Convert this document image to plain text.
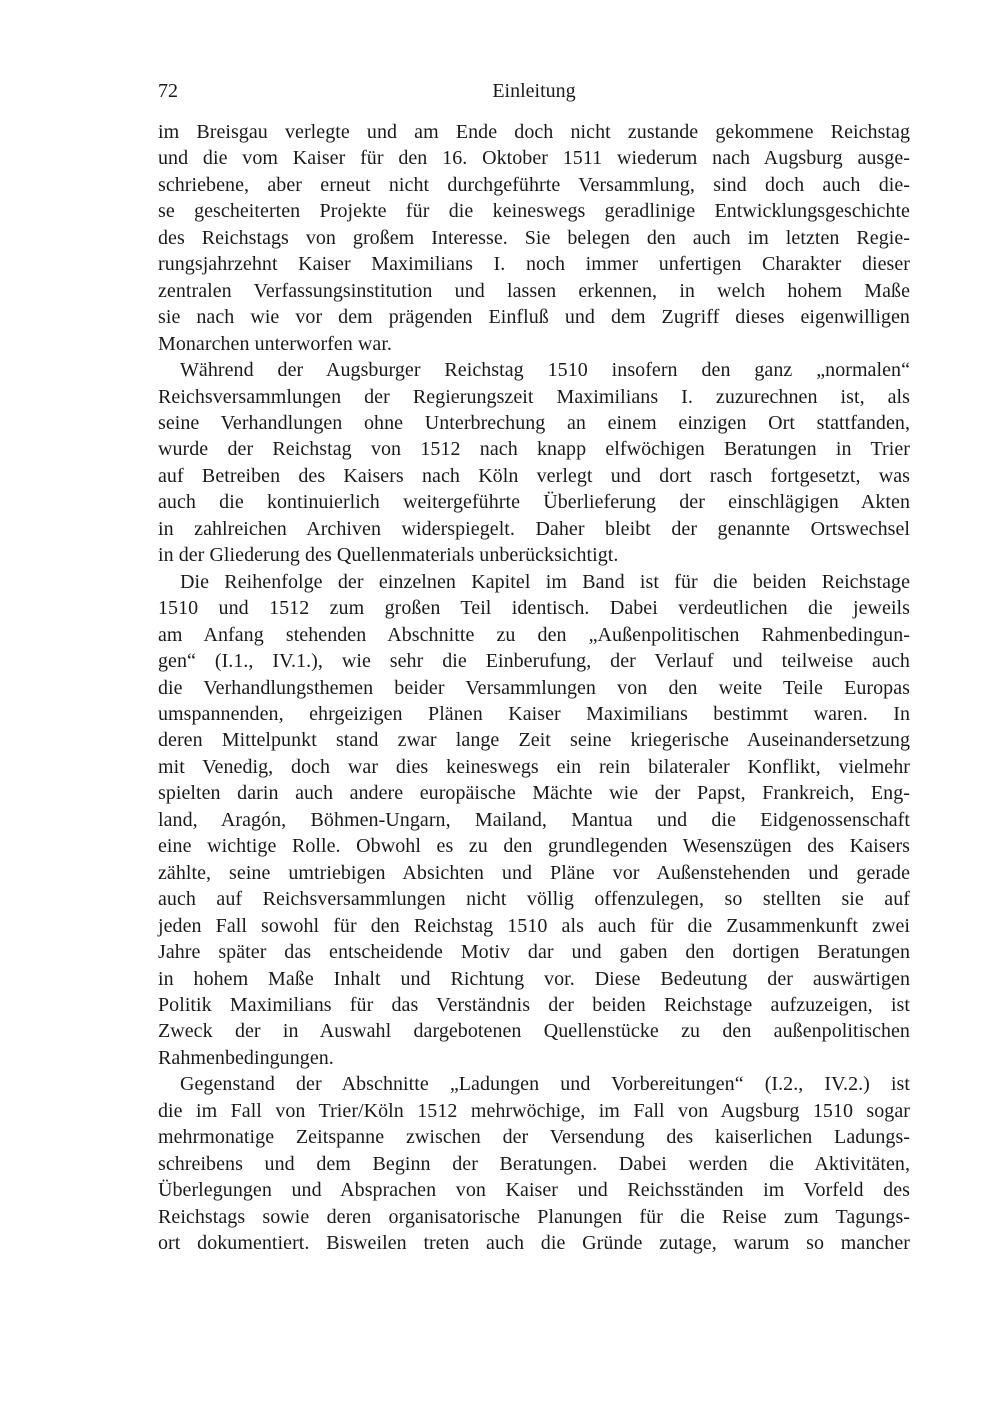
72	Einleitung
im Breisgau verlegte und am Ende doch nicht zustande gekommene Reichstag
und die vom Kaiser für den 16. Oktober 1511 wiederum nach Augsburg ausge-
schriebene, aber erneut nicht durchgeführte Versammlung, sind doch auch die-
se gescheiterten Projekte für die keineswegs geradlinige Entwicklungsgeschichte
des Reichstags von großem Interesse. Sie belegen den auch im letzten Regie-
rungsjahrzehnt Kaiser Maximilians I. noch immer unfertigen Charakter dieser
zentralen Verfassungsinstitution und lassen erkennen, in welch hohem Maße
sie nach wie vor dem prägenden Einfluß und dem Zugriff dieses eigenwilligen
Monarchen unterworfen war.
Während der Augsburger Reichstag 1510 insofern den ganz „normalen“
Reichsversammlungen der Regierungszeit Maximilians I. zuzurechnen ist, als
seine Verhandlungen ohne Unterbrechung an einem einzigen Ort stattfanden,
wurde der Reichstag von 1512 nach knapp elfwöchigen Beratungen in Trier
auf Betreiben des Kaisers nach Köln verlegt und dort rasch fortgesetzt, was
auch die kontinuierlich weitergeführte Überlieferung der einschlägigen Akten
in zahlreichen Archiven widerspiegelt. Daher bleibt der genannte Ortswechsel
in der Gliederung des Quellenmaterials unberücksichtigt.
Die Reihenfolge der einzelnen Kapitel im Band ist für die beiden Reichstage
1510 und 1512 zum großen Teil identisch. Dabei verdeutlichen die jeweils
am Anfang stehenden Abschnitte zu den „Außenpolitischen Rahmenbedingun-
gen“ (I.1., IV.1.), wie sehr die Einberufung, der Verlauf und teilweise auch
die Verhandlungsthemen beider Versammlungen von den weite Teile Europas
umspannenden, ehrgeizigen Plänen Kaiser Maximilians bestimmt waren. In
deren Mittelpunkt stand zwar lange Zeit seine kriegerische Auseinandersetzung
mit Venedig, doch war dies keineswegs ein rein bilateraler Konflikt, vielmehr
spielten darin auch andere europäische Mächte wie der Papst, Frankreich, Eng-
land, Aragón, Böhmen-Ungarn, Mailand, Mantua und die Eidgenossenschaft
eine wichtige Rolle. Obwohl es zu den grundlegenden Wesenszügen des Kaisers
zählte, seine umtriebigen Absichten und Pläne vor Außenstehenden und gerade
auch auf Reichsversammlungen nicht völlig offenzulegen, so stellten sie auf
jeden Fall sowohl für den Reichstag 1510 als auch für die Zusammenkunft zwei
Jahre später das entscheidende Motiv dar und gaben den dortigen Beratungen
in hohem Maße Inhalt und Richtung vor. Diese Bedeutung der auswärtigen
Politik Maximilians für das Verständnis der beiden Reichstage aufzuzeigen, ist
Zweck der in Auswahl dargebotenen Quellenstücke zu den außenpolitischen
Rahmenbedingungen.
Gegenstand der Abschnitte „Ladungen und Vorbereitungen“ (I.2., IV.2.) ist
die im Fall von Trier/Köln 1512 mehrwöchige, im Fall von Augsburg 1510 sogar
mehrmonatige Zeitspanne zwischen der Versendung des kaiserlichen Ladungs-
schreibens und dem Beginn der Beratungen. Dabei werden die Aktivitäten,
Überlegungen und Absprachen von Kaiser und Reichsständen im Vorfeld des
Reichstags sowie deren organisatorische Planungen für die Reise zum Tagungs-
ort dokumentiert. Bisweilen treten auch die Gründe zutage, warum so mancher
